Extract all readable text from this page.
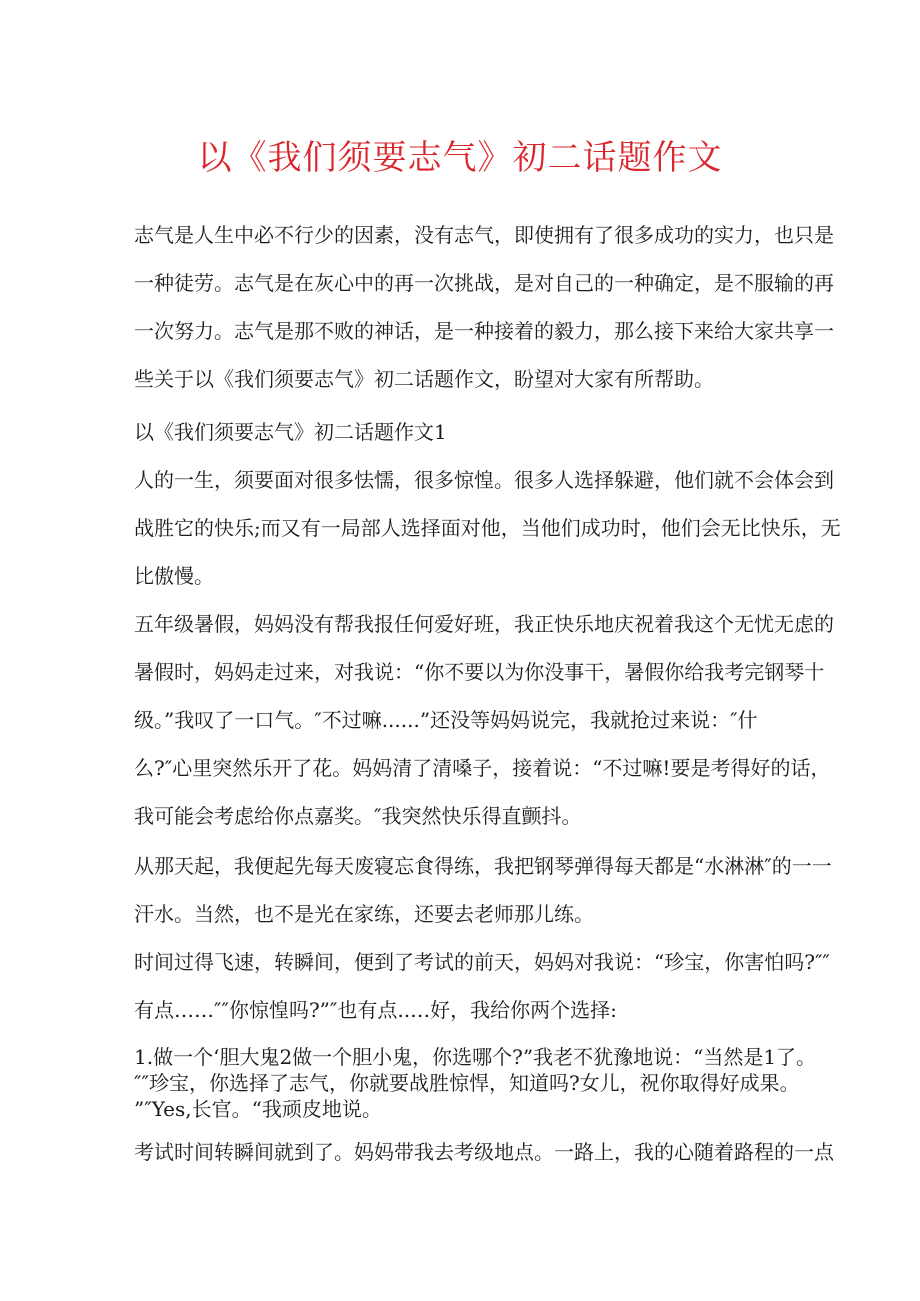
以《我们须要志气》初二话题作文
志气是人生中必不行少的因素，没有志气，即使拥有了很多成功的实力，也只是
一种徒劳。志气是在灰心中的再一次挑战，是对自己的一种确定，是不服输的再
一次努力。志气是那不败的神话，是一种接着的毅力，那么接下来给大家共享一
些关于以《我们须要志气》初二话题作文，盼望对大家有所帮助。
以《我们须要志气》初二话题作文1
人的一生，须要面对很多怯懦，很多惊惶。很多人选择躲避，他们就不会体会到
战胜它的快乐;而又有一局部人选择面对他，当他们成功时，他们会无比快乐，无
比傲慢。
五年级暑假，妈妈没有帮我报任何爱好班，我正快乐地庆祝着我这个无忧无虑的
暑假时，妈妈走过来，对我说：“你不要以为你没事干，暑假你给我考完钢琴十
级。”我叹了一口气。″不过嘛......”还没等妈妈说完，我就抢过来说：″什
么?″心里突然乐开了花。妈妈清了清嗓子，接着说：“不过嘛!要是考得好的话，
我可能会考虑给你点嘉奖。″我突然快乐得直颤抖。
从那天起，我便起先每天废寝忘食得练，我把钢琴弹得每天都是“水淋淋″的一一
汗水。当然，也不是光在家练，还要去老师那儿练。
时间过得飞速，转瞬间，便到了考试的前天，妈妈对我说：“珍宝，你害怕吗?″″
有点……″″你惊惶吗?”″也有点..…好，我给你两个选择:
1.做一个‘胆大鬼2做一个胆小鬼，你选哪个?”我老不犹豫地说：“当然是1了。
″″珍宝，你选择了志气，你就要战胜惊悍，知道吗?女儿，祝你取得好成果。
”″Yes,长官。“我顽皮地说。
考试时间转瞬间就到了。妈妈带我去考级地点。一路上，我的心随着路程的一点
